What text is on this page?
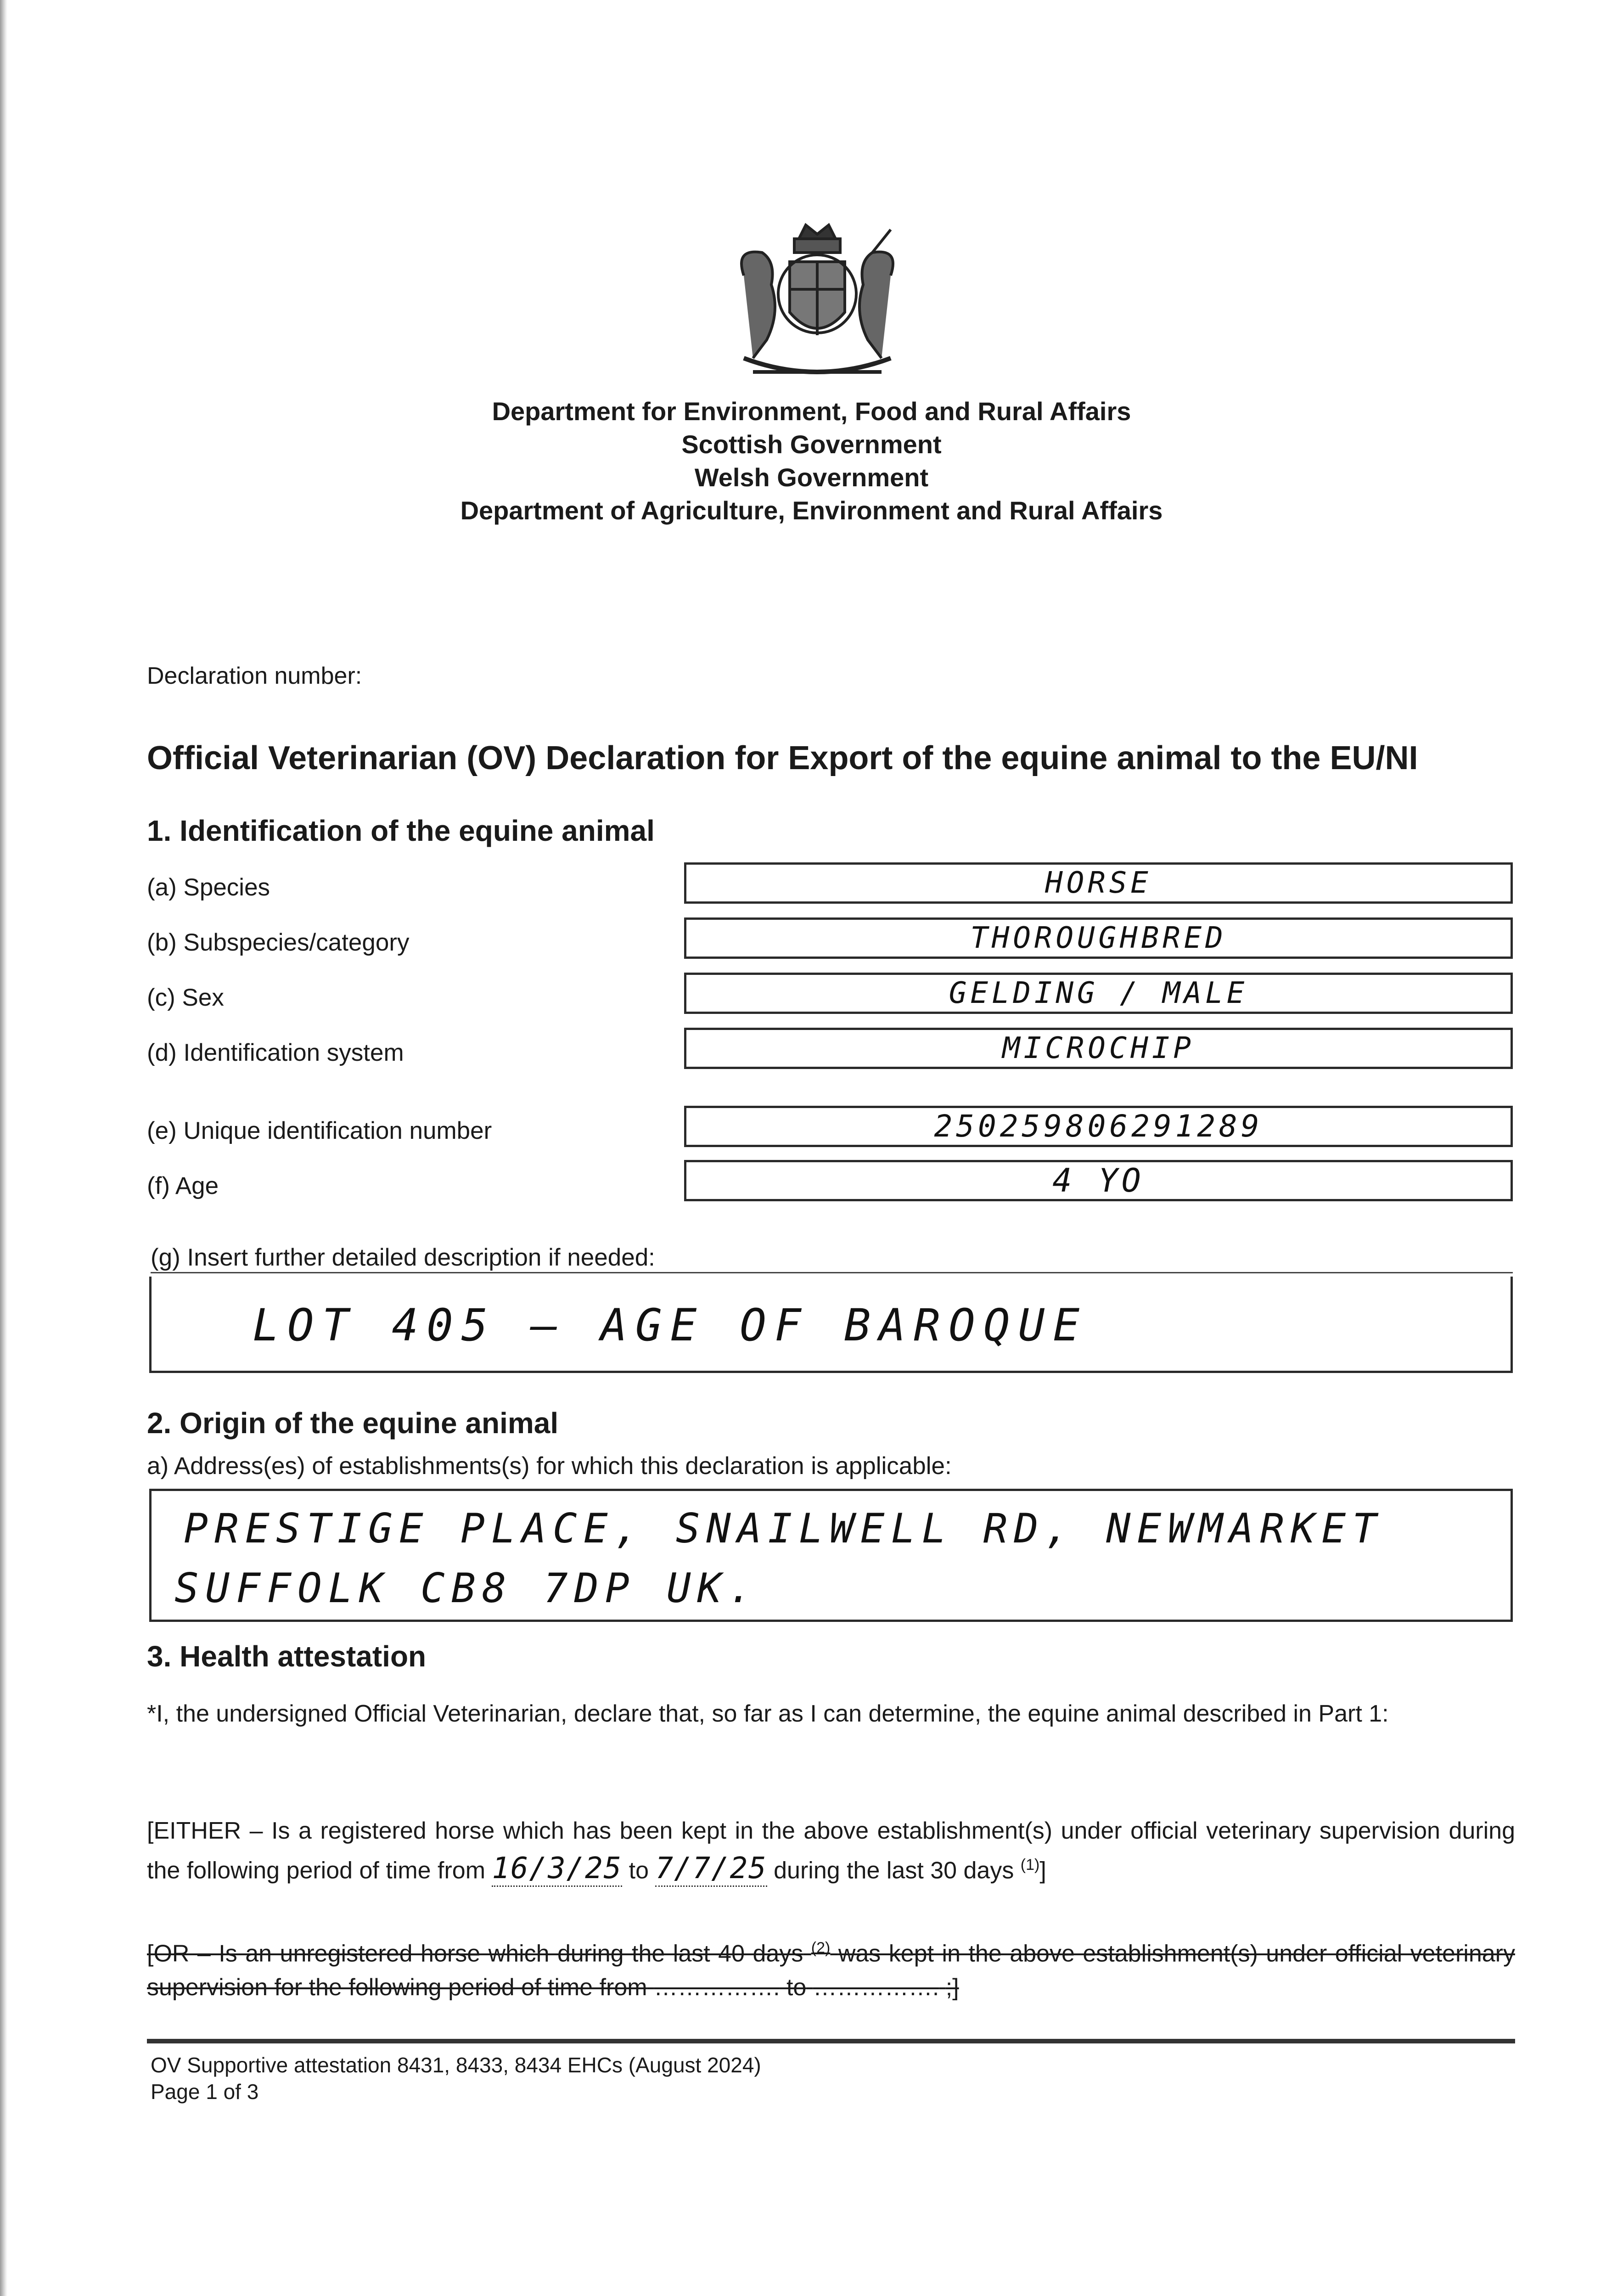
Department for Environment, Food and Rural Affairs
Scottish Government
Welsh Government
Department of Agriculture, Environment and Rural Affairs
Declaration number:
Official Veterinarian (OV) Declaration for Export of the equine animal to the EU/NI
1. Identification of the equine animal
(a) Species	HORSE
(b) Subspecies/category	THOROUGHBRED
(c) Sex	GELDING / MALE
(d) Identification system	MICROCHIP
(e) Unique identification number	250259806291289
(f) Age	4 YO
(g) Insert further detailed description if needed:
LOT 405 — AGE OF BAROQUE
2. Origin of the equine animal
a) Address(es) of establishments(s) for which this declaration is applicable:
PRESTIGE PLACE, SNAILWELL RD, NEWMARKET
SUFFOLK CB8 7DP UK.
3. Health attestation
*I, the undersigned Official Veterinarian, declare that, so far as I can determine, the equine animal described in Part 1:
[EITHER – Is a registered horse which has been kept in the above establishment(s) under official veterinary supervision during the following period of time from 16/3/25 to 7/7/25 during the last 30 days $^{(1)}$]
[OR – Is an unregistered horse which during the last 40 days $^{(2)}$ was kept in the above establishment(s) under official veterinary supervision for the following period of time from ……………. to ……………. ;]
OV Supportive attestation 8431, 8433, 8434 EHCs (August 2024)
Page 1 of 3
